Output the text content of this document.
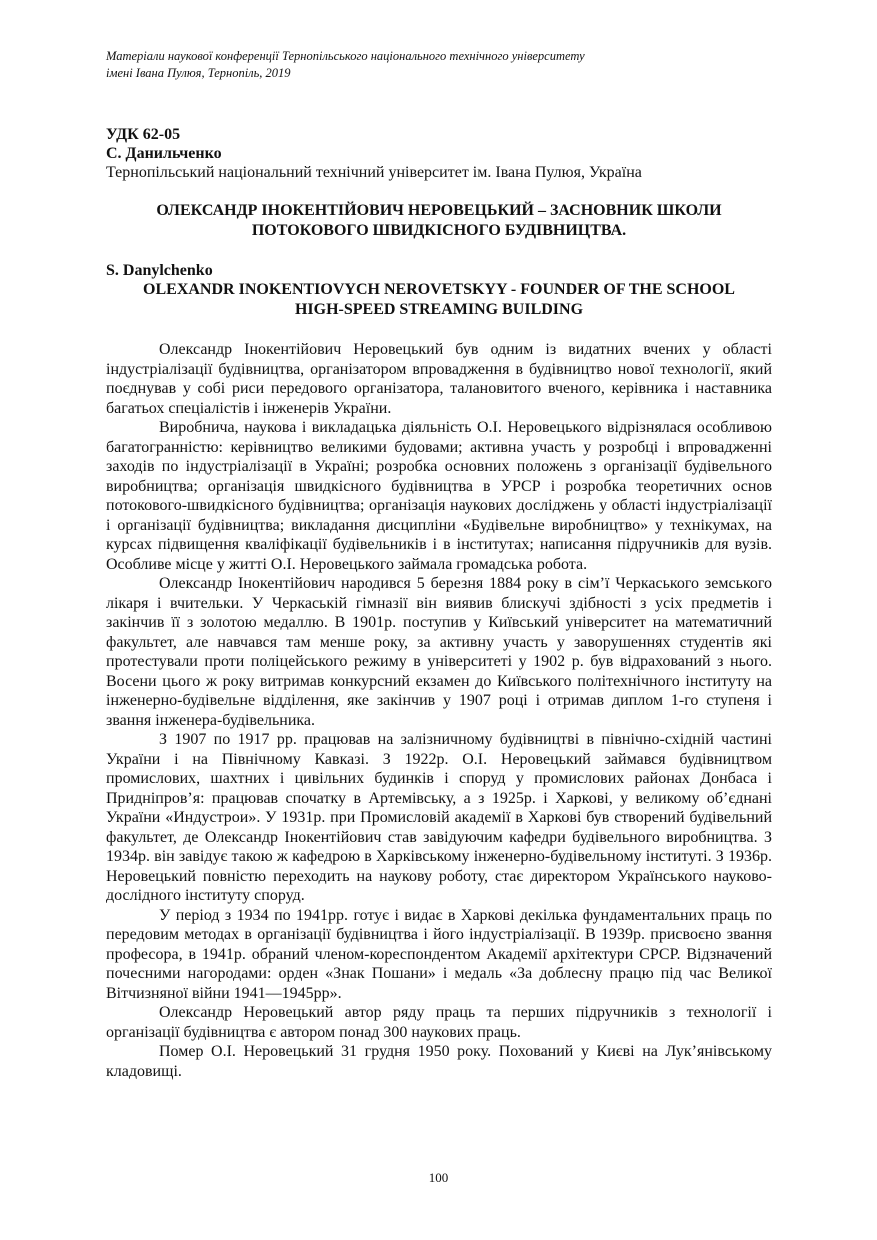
Матеріали наукової конференції Тернопільського національного технічного університету
імені Івана Пулюя, Тернопіль, 2019
УДК 62-05
С. Данильченко
Тернопільський національний технічний університет ім. Івана Пулюя, Україна
ОЛЕКСАНДР ІНОКЕНТІЙОВИЧ НЕРОВЕЦЬКИЙ – ЗАСНОВНИК ШКОЛИ
ПОТОКОВОГО ШВИДКІСНОГО БУДІВНИЦТВА.
S. Danylchenko
OLEXANDR INOKENTIOVYCH NEROVETSKYY - FOUNDER OF THE SCHOOL
HIGH-SPEED STREAMING BUILDING

Олександр Інокентійович Неровецький був одним із видатних вчених у області індустріалізації будівництва, організатором впровадження в будівництво нової технології, який поєднував у собі риси передового організатора, талановитого вченого, керівника і наставника багатьох спеціалістів і інженерів України.

Виробнича, наукова і викладацька діяльність О.І. Неровецького відрізнялася особливою багатогранністю: керівництво великими будовами; активна участь у розробці і впровадженні заходів по індустріалізації в Україні; розробка основних положень з організації будівельного виробництва; організація швидкісного будівництва в УРСР і розробка теоретичних основ потокового-швидкісного будівництва; організація наукових досліджень у області індустріалізації і організації будівництва; викладання дисципліни «Будівельне виробництво» у технікумах, на курсах підвищення кваліфікації будівельників і в інститутах; написання підручників для вузів. Особливе місце у житті О.І. Неровецького займала громадська робота.

Олександр Інокентійович народився 5 березня 1884 року в сім’ї Черкаського земського лікаря і вчительки. У Черкаській гімназії він виявив блискучі здібності з усіх предметів і закінчив її з золотою медаллю. В 1901р. поступив у Київський університет на математичний факультет, але навчався там менше року, за активну участь у заворушеннях студентів які протестували проти поліцейського режиму в університеті у 1902 р. був відрахований з нього. Восени цього ж року витримав конкурсний екзамен до Київського політехнічного інституту на інженерно-будівельне відділення, яке закінчив у 1907 році і отримав диплом 1-го ступеня і звання інженера-будівельника.

З 1907 по 1917 рр. працював на залізничному будівництві в північно-східній частині України і на Північному Кавказі. З 1922р. О.І. Неровецький займався будівництвом промислових, шахтних і цивільних будинків і споруд у промислових районах Донбаса і Придніпров’я: працював спочатку в Артемівську, а з 1925р. і Харкові, у великому об’єднані України «Индустрои». У 1931р. при Промисловій академії в Харкові був створений будівельний факультет, де Олександр Інокентійович став завідуючим кафедри будівельного виробництва. З 1934р. він завідує такою ж кафедрою в Харківському інженерно-будівельному інституті. З 1936р. Неровецький повністю переходить на наукову роботу, стає директором Українського науково-дослідного інституту споруд.

У період з 1934 по 1941рр. готує і видає в Харкові декілька фундаментальних праць по передовим методах в організації будівництва і його індустріалізації. В 1939р. присвоєно звання професора, в 1941р. обраний членом-кореспондентом Академії архітектури СРСР. Відзначений почесними нагородами: орден «Знак Пошани» і медаль «За доблесну працю під час Великої Вітчизняної війни 1941—1945рр».

Олександр Неровецький автор ряду праць та перших підручників з технології і організації будівництва є автором понад 300 наукових праць.

Помер О.І. Неровецький 31 грудня 1950 року. Похований у Києві на Лук’янівському кладовищі.

100
